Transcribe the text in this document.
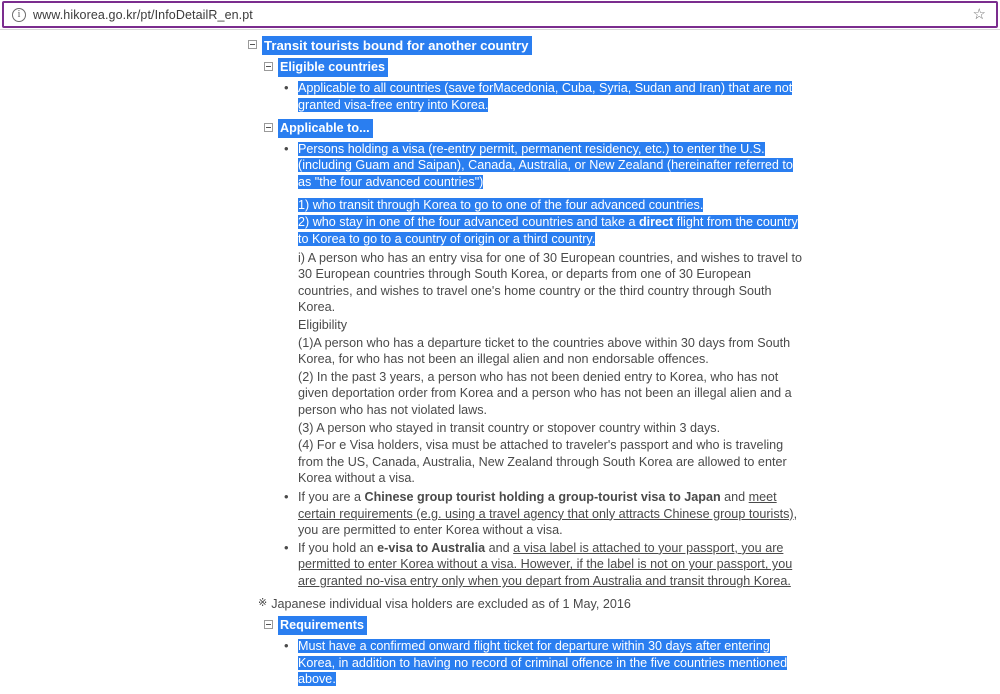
i	www.hikorea.go.kr/pt/InfoDetailR_en.pt	☆
Transit tourists bound for another country
Eligible countries
• Applicable to all countries (save forMacedonia, Cuba, Syria, Sudan and Iran) that are not granted visa-free entry into Korea.
Applicable to...
• Persons holding a visa (re-entry permit, permanent residency, etc.) to enter the U.S. (including Guam and Saipan), Canada, Australia, or New Zealand (hereinafter referred to as "the four advanced countries")

1) who transit through Korea to go to one of the four advanced countries.

2) who stay in one of the four advanced countries and take a direct flight from the country to Korea to go to a country of origin or a third country.

i) A person who has an entry visa for one of 30 European countries, and wishes to travel to 30 European countries through South Korea, or departs from one of 30 European countries, and wishes to travel one's home country or the third country through South Korea.

Eligibility

(1)A person who has a departure ticket to the countries above within 30 days from South Korea, for who has not been an illegal alien and non endorsable offences.

(2) In the past 3 years, a person who has not been denied entry to Korea, who has not given deportation order from Korea and a person who has not been an illegal alien and a person who has not violated laws.

(3) A person who stayed in transit country or stopover country within 3 days.

(4) For e Visa holders, visa must be attached to traveler's passport and who is traveling from the US, Canada, Australia, New Zealand through South Korea are allowed to enter Korea without a visa.

• If you are a Chinese group tourist holding a group-tourist visa to Japan and meet certain requirements (e.g. using a travel agency that only attracts Chinese group tourists), you are permitted to enter Korea without a visa.
• If you hold an e-visa to Australia and a visa label is attached to your passport, you are permitted to enter Korea without a visa. However, if the label is not on your passport, you are granted no-visa entry only when you depart from Australia and transit through Korea.
※ Japanese individual visa holders are excluded as of 1 May, 2016
Requirements
• Must have a confirmed onward flight ticket for departure within 30 days after entering Korea, in addition to having no record of criminal offence in the five countries mentioned above.
